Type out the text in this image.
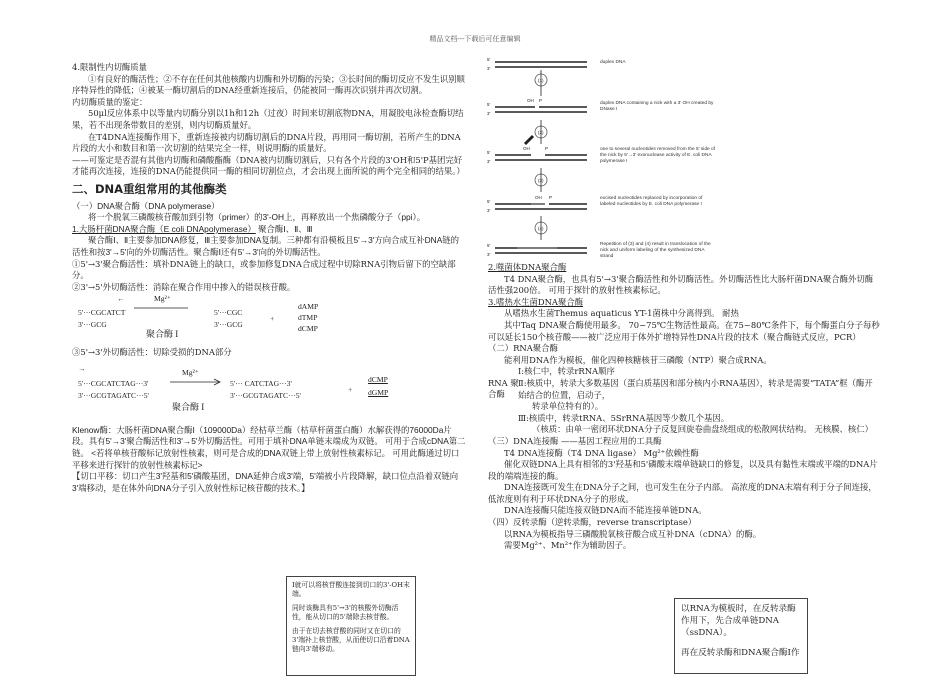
精品文档---下载后可任意编辑

4.限制性内切酶质量

①有良好的酶活性；②不存在任何其他核酸内切酶和外切酶的污染；③长时间的酶切反应不发生识别顺序特异性的降低；④被某一酶切割后的DNA经重新连接后，仍能被同一酶再次识别并再次切割。

内切酶质量的鉴定：

50μl反应体系中以等量内切酶分别以1h和12h（过夜）时间来切割底物DNA，用凝胶电泳检查酶切结果，若不出现条带数目的差别，则内切酶质量好。

在T4DNA连接酶作用下，重新连接被内切酶切割后的DNA片段，再用同一酶切割，若所产生的DNA片段的大小和数目和第一次切割的结果完全一样，则说明酶的质量好。

——可鉴定是否混有其他内切酶和磷酸酯酶（DNA被内切酶切割后，只有各个片段的3'OH和5'P基团完好才能再次连接，连接的DNA仍能提供同一酶的相同切割位点，才会出现上面所说的两个完全相同的结果。）

二、DNA重组常用的其他酶类

（一）DNA聚合酶（DNA polymerase）

将一个脱氧三磷酸核苷酸加到引物（primer）的3'-OH上，再释放出一个焦磷酸分子（ppi）。

1.大肠杆菌DNA聚合酶（E coli DNApolymerase） 聚合酶Ⅰ、Ⅱ、Ⅲ

聚合酶Ⅰ、Ⅱ主要参加DNA修复，Ⅲ主要参加DNA复制。三种都有沿模板且5'→3'方向合成互补DNA链的活性和按3'→5'向的外切酶活性。聚合酶Ⅰ还有5'→3'向的外切酶活性。

①5'→3'聚合酶活性：填补DNA链上的缺口，或参加修复DNA合成过程中切除RNA引物后留下的空缺部分。

②3'→5'外切酶活性：消除在聚合作用中掺入的错误核苷酸。

←	Mg²⁺
5'···CGCATCT
3'···GCG
聚合酶 I
5'···CGC
3'···GCG
+
dAMP
dTMP
dCMP

③5'→3'外切酶活性：切除受损的DNA部分

→	Mg²⁺
5'···CGCATCTAG···3'
3'···GCGTAGATC···5'
聚合酶 I
5'··· CATCTAG···3'
3'···GCGTAGATC···5'
+
dCMP
dGMP

Klenow酶：大肠杆菌DNA聚合酶I（109000Da）经枯草兰酶（枯草杆菌蛋白酶）水解获得的76000Da片段。具有5'→3'聚合酶活性和3'→5'外切酶活性。可用于填补DNA单链末端成为双链。 可用于合成cDNA第二链。 <若将单核苷酸标记放射性核素，则可是合成的DNA双链上带上放射性核素标记。 可用此酶通过切口平移来进行探针的放射性核素标记>

【切口平移：切口产生3'羟基和5'磷酸基团，DNA延伸合成3'端，5'端被小片段降解，缺口位点沿着双链向3'端移动，是在体外向DNA分子引入放射性标记核苷酸的技术。】

I就可以将核苷酸连接到切口的3'-OH末端。
同时该酶具有5'→3'的核酸外切酶活性，能从切口的5'端除去核苷酸。
由于在切去核苷酸的同时又在切口的3'端补上核苷酸，从而使切口沿着DNA链向3'端移动。
5'
3'
5'
3'
5'
3'
5'
3'
5'
3'
OH P
OH	P
OH P
(1)
(2)
(3)
(4)
duplex DNA
duplex DNA containing a nick with a 3' OH created by DNase I
one to several nucleotides removed from the 5' side of the nick by 5'→3' exonuclease activity of E. coli DNA polymerase I
excised nucleotides replaced by incorporation of labeled nucleotides by E. coli DNA polymerase I
Repetition of (3) and (4) result in translocation of the nick and uniform labeling of the synthesized DNA strand

2.噬菌体DNA聚合酶

T4 DNA聚合酶，也具有5'→3'聚合酶活性和外切酶活性。外切酶活性比大肠杆菌DNA聚合酶外切酶活性强200倍。 可用于探针的放射性核素标记。

3.嗜热水生菌DNA聚合酶

从嗜热水生菌Themus aquaticus YT-1菌株中分离得到。 耐热

其中Taq DNA聚合酶使用最多。 70~75℃生物活性最高。在75~80℃条件下，每个酶蛋白分子每秒可以延长150个核苷酸——被广泛应用于体外扩增特异性DNA片段的技术（聚合酶链式反应，PCR）

（二）RNA聚合酶

能利用DNA作为模板，催化四种核糖核苷三磷酸（NTP）聚合成RNA。

RNA 聚
合酶

Ⅰ:核仁中，转录rRNA顺序

Ⅱ:核质中，转录大多数基因（蛋白质基因和部分核内小RNA基因），转录是需要“TATA”框（酶开始结合的位置，启动子，

转录单位特有的）。

Ⅲ:核质中，转录tRNA、5SrRNA基因等少数几个基因。

（核质：由单一密闭环状DNA分子反复回旋卷曲盘绕组成的松散网状结构。 无核膜、核仁）

（三）DNA连接酶 ——基因工程应用的工具酶

T4 DNA连接酶（T4 DNA ligase） Mg²⁺依赖性酶

催化双链DNA上具有相邻的3'羟基和5'磷酸末端单链缺口的修复，以及具有黏性末端或平端的DNA片段的端端连接的酶。

DNA连接既可发生在DNA分子之间，也可发生在分子内部。 高浓度的DNA末端有利于分子间连接，低浓度则有利于环状DNA分子的形成。

DNA连接酶只能连接双链DNA而不能连接单链DNA。

（四）反转录酶（逆转录酶，reverse transcriptase）

以RNA为模板指导三磷酸脱氧核苷酸合成互补DNA（cDNA）的酶。

需要Mg²⁺、Mn²⁺作为辅助因子。

以RNA为模板时，在反转录酶作用下，先合成单链DNA（ssDNA）。
再在反转录酶和DNA聚合酶I作
